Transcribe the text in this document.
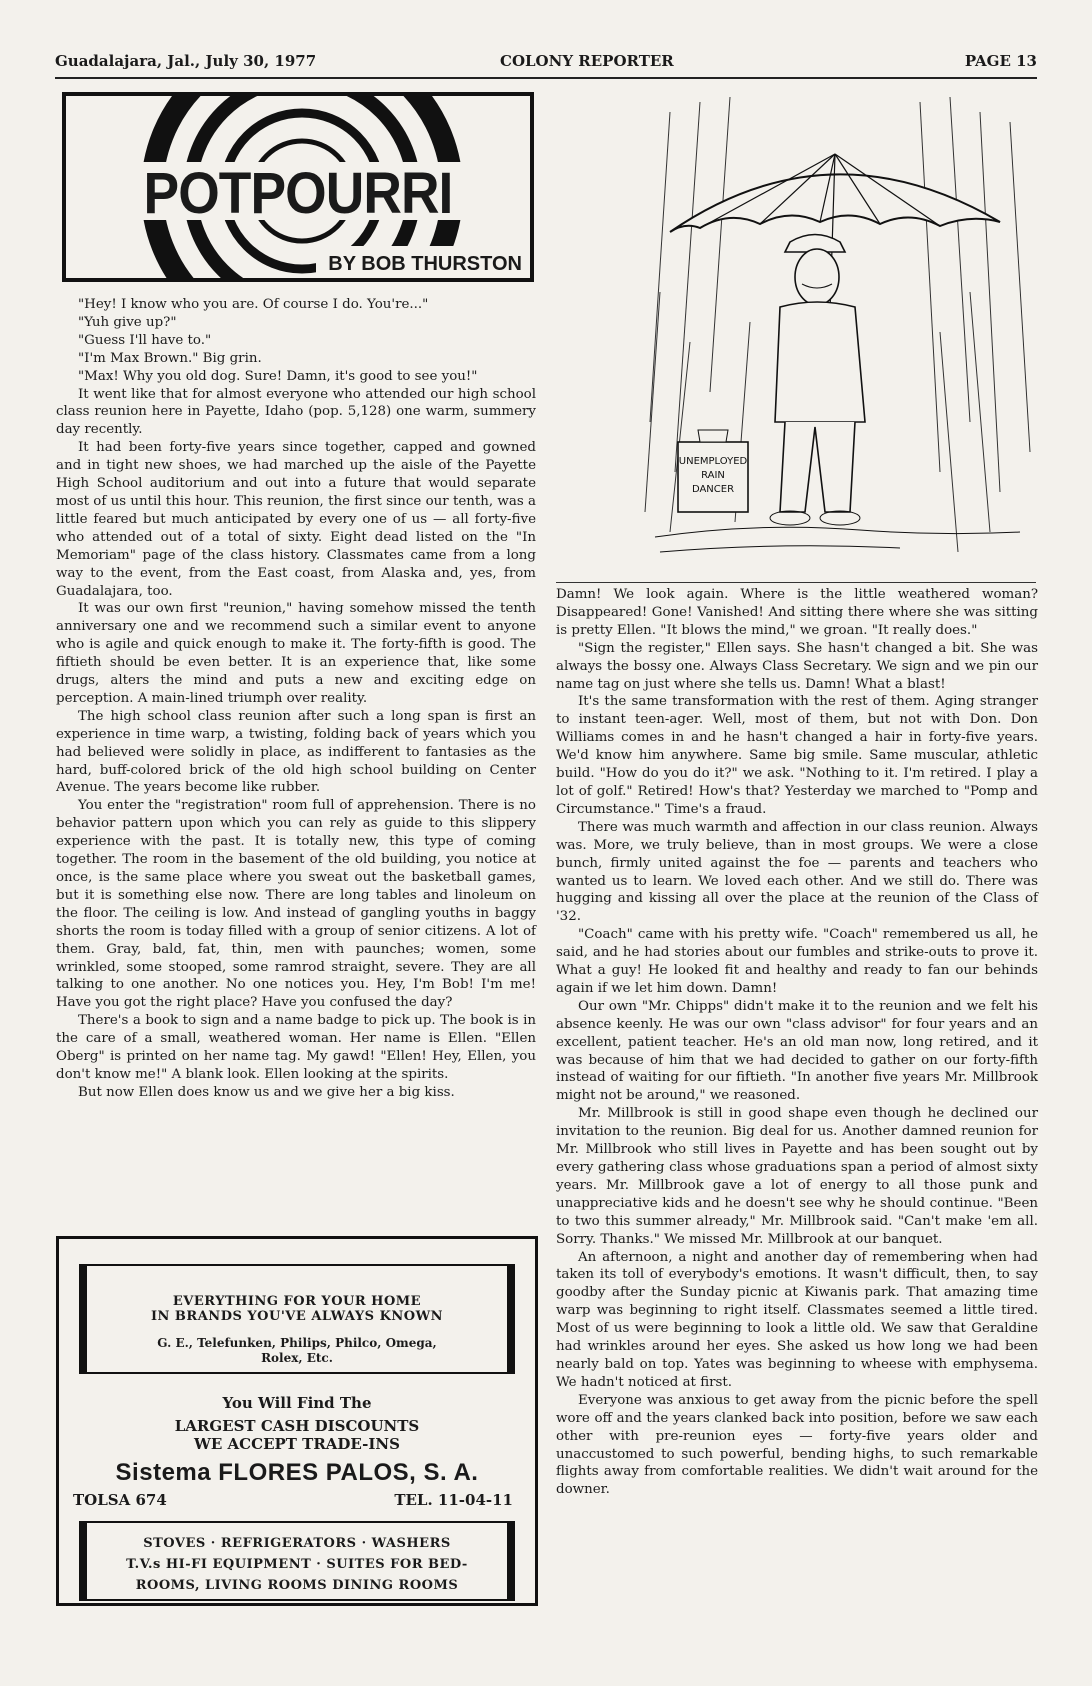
Guadalajara, Jal., July 30, 1977	COLONY REPORTER	PAGE 13
POTPOURRI
BY BOB THURSTON

"Hey! I know who you are. Of course I do. You're..."

"Yuh give up?"

"Guess I'll have to."

"I'm Max Brown." Big grin.

"Max! Why you old dog. Sure! Damn, it's good to see you!"

It went like that for almost everyone who attended our high school class reunion here in Payette, Idaho (pop. 5,128) one warm, summery day recently.

It had been forty-five years since together, capped and gowned and in tight new shoes, we had marched up the aisle of the Payette High School auditorium and out into a future that would separate most of us until this hour. This reunion, the first since our tenth, was a little feared but much anticipated by every one of us — all forty-five who attended out of a total of sixty. Eight dead listed on the "In Memoriam" page of the class history. Classmates came from a long way to the event, from the East coast, from Alaska and, yes, from Guadalajara, too.

It was our own first "reunion," having somehow missed the tenth anniversary one and we recommend such a similar event to anyone who is agile and quick enough to make it. The forty-fifth is good. The fiftieth should be even better. It is an experience that, like some drugs, alters the mind and puts a new and exciting edge on perception. A main-lined triumph over reality.

The high school class reunion after such a long span is first an experience in time warp, a twisting, folding back of years which you had believed were solidly in place, as indifferent to fantasies as the hard, buff-colored brick of the old high school building on Center Avenue. The years become like rubber.

You enter the "registration" room full of apprehension. There is no behavior pattern upon which you can rely as guide to this slippery experience with the past. It is totally new, this type of coming together. The room in the basement of the old building, you notice at once, is the same place where you sweat out the basketball games, but it is something else now. There are long tables and linoleum on the floor. The ceiling is low. And instead of gangling youths in baggy shorts the room is today filled with a group of senior citizens. A lot of them. Gray, bald, fat, thin, men with paunches; women, some wrinkled, some stooped, some ramrod straight, severe. They are all talking to one another. No one notices you. Hey, I'm Bob! I'm me! Have you got the right place? Have you confused the day?

There's a book to sign and a name badge to pick up. The book is in the care of a small, weathered woman. Her name is Ellen. "Ellen Oberg" is printed on her name tag. My gawd! "Ellen! Hey, Ellen, you don't know me!" A blank look. Ellen looking at the spirits.

But now Ellen does know us and we give her a big kiss.

UNEMPLOYED
RAIN
DANCER

Damn! We look again. Where is the little weathered woman? Disappeared! Gone! Vanished! And sitting there where she was sitting is pretty Ellen. "It blows the mind," we groan. "It really does."

"Sign the register," Ellen says. She hasn't changed a bit. She was always the bossy one. Always Class Secretary. We sign and we pin our name tag on just where she tells us. Damn! What a blast!

It's the same transformation with the rest of them. Aging stranger to instant teen-ager. Well, most of them, but not with Don. Don Williams comes in and he hasn't changed a hair in forty-five years. We'd know him anywhere. Same big smile. Same muscular, athletic build. "How do you do it?" we ask. "Nothing to it. I'm retired. I play a lot of golf." Retired! How's that? Yesterday we marched to "Pomp and Circumstance." Time's a fraud.

There was much warmth and affection in our class reunion. Always was. More, we truly believe, than in most groups. We were a close bunch, firmly united against the foe — parents and teachers who wanted us to learn. We loved each other. And we still do. There was hugging and kissing all over the place at the reunion of the Class of '32.

"Coach" came with his pretty wife. "Coach" remembered us all, he said, and he had stories about our fumbles and strike-outs to prove it. What a guy! He looked fit and healthy and ready to fan our behinds again if we let him down. Damn!

Our own "Mr. Chipps" didn't make it to the reunion and we felt his absence keenly. He was our own "class advisor" for four years and an excellent, patient teacher. He's an old man now, long retired, and it was because of him that we had decided to gather on our forty-fifth instead of waiting for our fiftieth. "In another five years Mr. Millbrook might not be around," we reasoned.

Mr. Millbrook is still in good shape even though he declined our invitation to the reunion. Big deal for us. Another damned reunion for Mr. Millbrook who still lives in Payette and has been sought out by every gathering class whose graduations span a period of almost sixty years. Mr. Millbrook gave a lot of energy to all those punk and unappreciative kids and he doesn't see why he should continue. "Been to two this summer already," Mr. Millbrook said. "Can't make 'em all. Sorry. Thanks." We missed Mr. Millbrook at our banquet.

An afternoon, a night and another day of remembering when had taken its toll of everybody's emotions. It wasn't difficult, then, to say goodby after the Sunday picnic at Kiwanis park. That amazing time warp was beginning to right itself. Classmates seemed a little tired. Most of us were beginning to look a little old. We saw that Geraldine had wrinkles around her eyes. She asked us how long we had been nearly bald on top. Yates was beginning to wheese with emphysema. We hadn't noticed at first.

Everyone was anxious to get away from the picnic before the spell wore off and the years clanked back into position, before we saw each other with pre-reunion eyes — forty-five years older and unaccustomed to such powerful, bending highs, to such remarkable flights away from comfortable realities. We didn't wait around for the downer.

EVERYTHING FOR YOUR HOME
IN BRANDS YOU'VE ALWAYS KNOWN
G. E., Telefunken, Philips, Philco, Omega,
Rolex, Etc.
You Will Find The
LARGEST CASH DISCOUNTS
WE ACCEPT TRADE-INS
Sistema FLORES PALOS, S. A.
TOLSA 674	TEL. 11-04-11
STOVES · REFRIGERATORS · WASHERS
T.V.s HI-FI EQUIPMENT · SUITES FOR BED-
ROOMS, LIVING ROOMS DINING ROOMS
